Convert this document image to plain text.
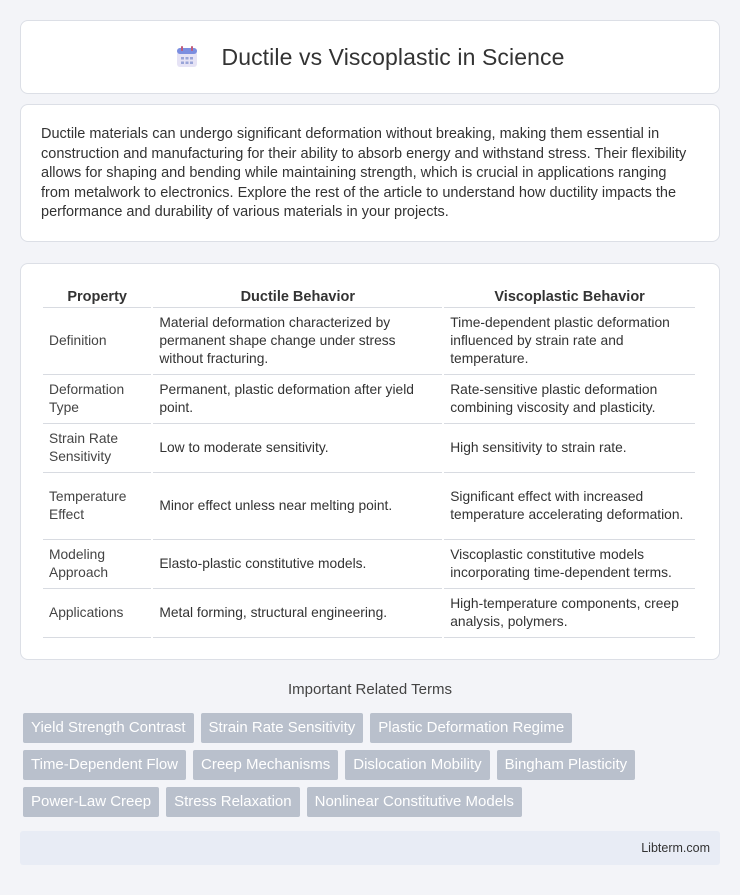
Ductile vs Viscoplastic in Science

Ductile materials can undergo significant deformation without breaking, making them essential in construction and manufacturing for their ability to absorb energy and withstand stress. Their flexibility allows for shaping and bending while maintaining strength, which is crucial in applications ranging from metalwork to electronics. Explore the rest of the article to understand how ductility impacts the performance and durability of various materials in your projects.

Property	Ductile Behavior	Viscoplastic Behavior
Definition	Material deformation characterized by permanent shape change under stress without fracturing.	Time-dependent plastic deformation influenced by strain rate and temperature.
Deformation Type	Permanent, plastic deformation after yield point.	Rate-sensitive plastic deformation combining viscosity and plasticity.
Strain Rate Sensitivity	Low to moderate sensitivity.	High sensitivity to strain rate.
Temperature Effect	Minor effect unless near melting point.	Significant effect with increased temperature accelerating deformation.
Modeling Approach	Elasto-plastic constitutive models.	Viscoplastic constitutive models incorporating time-dependent terms.
Applications	Metal forming, structural engineering.	High-temperature components, creep analysis, polymers.
Important Related Terms
Yield Strength Contrast	Strain Rate Sensitivity	Plastic Deformation Regime
Time-Dependent Flow	Creep Mechanisms	Dislocation Mobility	Bingham Plasticity
Power-Law Creep	Stress Relaxation	Nonlinear Constitutive Models
Libterm.com
